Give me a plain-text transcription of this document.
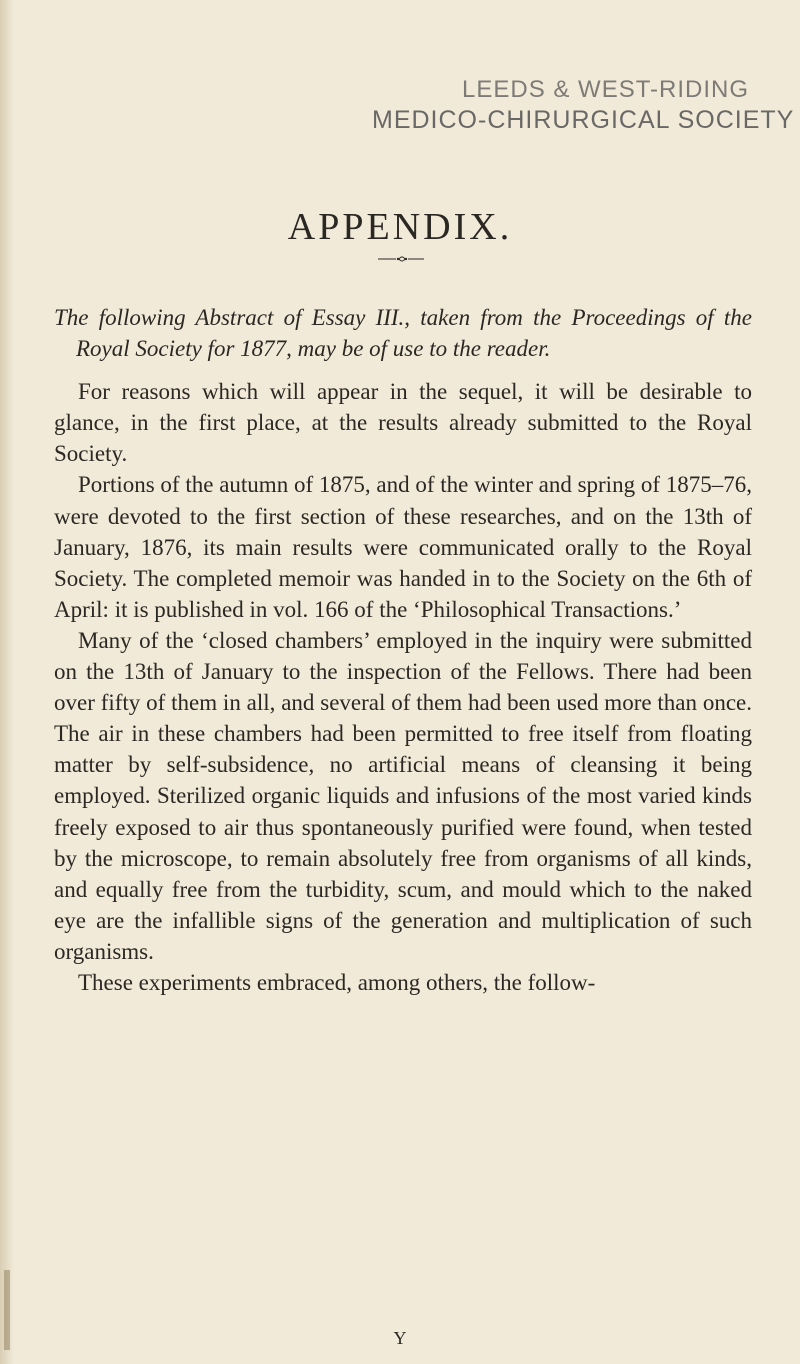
LEEDS & WEST-RIDING
MEDICO-CHIRURGICAL SOCIETY
APPENDIX.

The following Abstract of Essay III., taken from the Proceedings of the Royal Society for 1877, may be of use to the reader.

For reasons which will appear in the sequel, it will be desirable to glance, in the first place, at the results already submitted to the Royal Society.

Portions of the autumn of 1875, and of the winter and spring of 1875–76, were devoted to the first section of these researches, and on the 13th of January, 1876, its main results were communicated orally to the Royal Society. The completed memoir was handed in to the Society on the 6th of April: it is published in vol. 166 of the ‘Philosophical Transactions.’

Many of the ‘closed chambers’ employed in the inquiry were submitted on the 13th of January to the inspection of the Fellows. There had been over fifty of them in all, and several of them had been used more than once. The air in these chambers had been permitted to free itself from floating matter by self-subsidence, no artificial means of cleansing it being employed. Sterilized organic liquids and infusions of the most varied kinds freely exposed to air thus spontaneously purified were found, when tested by the microscope, to remain absolutely free from organisms of all kinds, and equally free from the turbidity, scum, and mould which to the naked eye are the infallible signs of the generation and multiplication of such organisms.

These experiments embraced, among others, the follow-

Y
